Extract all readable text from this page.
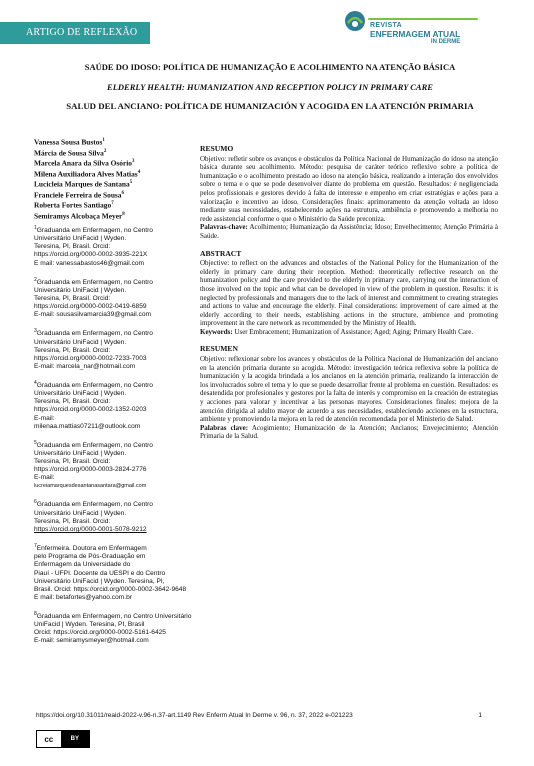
ARTIGO DE REFLEXÃO
REVISTA
ENFERMAGEM ATUAL
IN DERME
SAÚDE DO IDOSO: POLÍTICA DE HUMANIZAÇÃO E ACOLHIMENTO NA ATENÇÃO BÁSICA
ELDERLY HEALTH: HUMANIZATION AND RECEPTION POLICY IN PRIMARY CARE
SALUD DEL ANCIANO: POLÍTICA DE HUMANIZACIÓN Y ACOGIDA EN LA ATENCIÓN PRIMARIA
Vanessa Sousa Bustos$^1$
Márcia de Sousa Silva$^2$
Marcela Anara da Silva Osório$^3$
Milena Auxiliadora Alves Matias$^4$
Lucicleia Marques de Santana$^5$
Franciele Ferreira de Sousa$^6$
Roberta Fortes Santiago$^7$
Semiramys Alcobaça Meyer$^8$
$^1$Graduanda em Enfermagem, no Centro
Universitário UniFacid | Wyden.
Teresina, PI, Brasil. Orcid:
https://orcid.org/0000-0002-3935-221X
E mail: vanessabastos46@gmail.com
$^2$Graduanda em Enfermagem, no Centro
Universitário UniFacid | Wyden.
Teresina, PI, Brasil. Orcid:
https://orcid.org/0000-0002-0419-6859
E-mail: sousasilvamarcia39@gmail.com
$^3$Graduanda em Enfermagem, no Centro
Universitário UniFacid | Wyden.
Teresina, PI, Brasil. Orcid:
https://orcid.org/0000-0002-7233-7003
E-mail: marcela_nar@hotmail.com
$^4$Graduanda em Enfermagem, no Centro
Universitário UniFacid | Wyden.
Teresina, PI, Brasil. Orcid:
https://orcid.org/0000-0002-1352-0203
E-mail:
milenaa.mattias07211@outlook.com
$^5$Graduanda em Enfermagem, no Centro
Universitário UniFacid | Wyden.
Teresina, PI, Brasil. Orcid:
https://orcid.org/0000-0003-2824-2776
E-mail:
lucreiamarquesdesantanasantara@gmail.com
$^6$Graduanda em Enfermagem, no Centro
Universitário UniFacid | Wyden.
Teresina, PI, Brasil. Orcid:
https://orcid.org/0000-0001-5078-9212
$^7$Enfermeira. Doutora em Enfermagem
pelo Programa de Pós-Graduação em
Enfermagem da Universidade do
Piauí - UFPI. Docente da UESPI e do Centro
Universitário UniFacid | Wyden. Teresina, PI,
Brasil. Orcid: https://orcid.org/0000-0002-3642-9648
E mail: betafortes@yahoo.com.br
$^8$Graduanda em Enfermagem, no Centro Universitário
UniFacid | Wyden. Teresina, PI, Brasil
Orcid: https://orcid.org/0000-0002-5161-6425
E-mail: semiramysmeyer@hotmail.com
RESUMO
Objetivo: refletir sobre os avanços e obstáculos da Política Nacional de Humanização do idoso na atenção básica durante seu acolhimento. Método: pesquisa de caráter teórico reflexivo sobre a política de humanização e o acolhimento prestado ao idoso na atenção básica, realizando a interação dos envolvidos sobre o tema e o que se pode desenvolver diante do problema em questão. Resultados: é negligenciada pelos profissionais e gestores devido à falta de interesse e empenho em criar estratégias e ações para a valorização e incentivo ao idoso. Considerações finais: aprimoramento da atenção voltada ao idoso mediante suas necessidades, estabelecendo ações na estrutura, ambiência e promovendo a melhoria no rede assistencial conforme o que o Ministério da Saúde preconiza.
Palavras-chave: Acolhimento; Humanização da Assistência; Idoso; Envelhecimento; Atenção Primária à Saúde.
ABSTRACT
Objective: to reflect on the advances and obstacles of the National Policy for the Humanization of the elderly in primary care during their reception. Method: theoretically reflective research on the humanization policy and the care provided to the elderly in primary care, carrying out the interaction of those involved on the topic and what can be developed in view of the problem in question. Results: it is neglected by professionals and managers due to the lack of interest and commitment to creating strategies and actions to value and encourage the elderly. Final considerations: improvement of care aimed at the elderly according to their needs, establishing actions in the structure, ambience and promoting improvement in the care network as recommended by the Ministry of Health.
Keywords: User Embracement; Humanization of Assistance; Aged; Aging; Primary Health Care.
RESUMEN
Objetivo: reflexionar sobre los avances y obstáculos de la Política Nacional de Humanización del anciano en la atención primaria durante su acogida. Método: investigación teórica reflexiva sobre la política de humanización y la acogida brindada a los ancianos en la atención primaria, realizando la interacción de los involucrados sobre el tema y lo que se puede desarrollar frente al problema en cuestión. Resultados: es desatendida por profesionales y gestores por la falta de interés y compromiso en la creación de estrategias y acciones para valorar y incentivar a las personas mayores. Consideraciones finales: mejora de la atención dirigida al adulto mayor de acuerdo a sus necesidades, estableciendo acciones en la estructura, ambiente y promoviendo la mejora en la red de atención recomendada por el Ministerio de Salud.
Palabras clave: Acogimiento; Humanización de la Atención; Ancianos; Envejecimiento; Atención Primaria de la Salud.
https://doi.org/10.31011/reaid-2022-v.96-n.37-art.1149 Rev Enferm Atual In Derme v. 96, n. 37, 2022 e-021223	1
cc	BY
